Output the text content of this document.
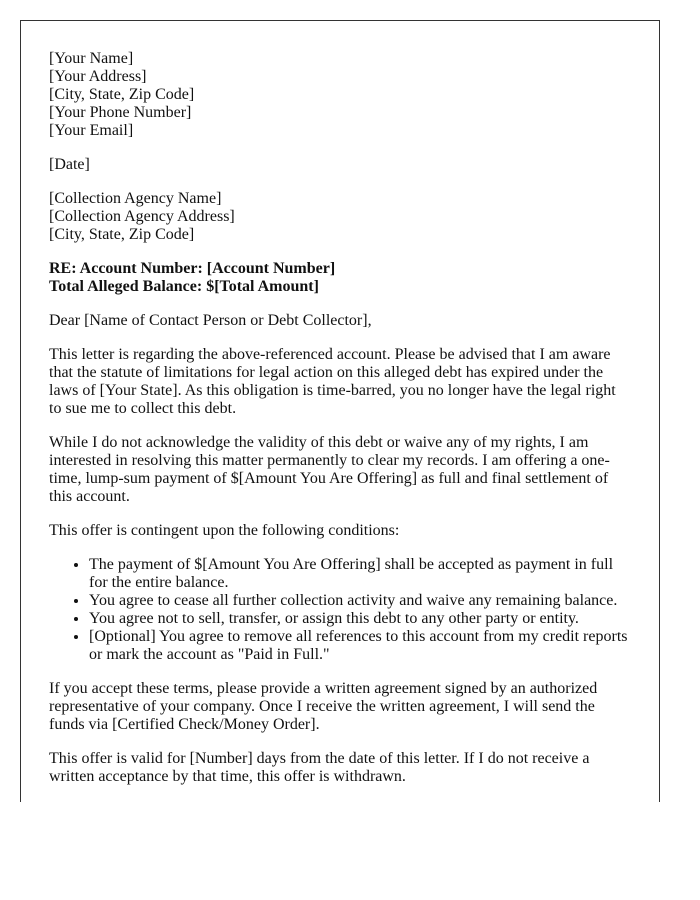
[Your Name]
[Your Address]
[City, State, Zip Code]
[Your Phone Number]
[Your Email]
[Date]
[Collection Agency Name]
[Collection Agency Address]
[City, State, Zip Code]
RE: Account Number: [Account Number]
Total Alleged Balance: $[Total Amount]

Dear [Name of Contact Person or Debt Collector],

This letter is regarding the above-referenced account. Please be advised that I am aware that the statute of limitations for legal action on this alleged debt has expired under the laws of [Your State]. As this obligation is time-barred, you no longer have the legal right to sue me to collect this debt.

While I do not acknowledge the validity of this debt or waive any of my rights, I am interested in resolving this matter permanently to clear my records. I am offering a one-time, lump-sum payment of $[Amount You Are Offering] as full and final settlement of this account.

This offer is contingent upon the following conditions:

• The payment of $[Amount You Are Offering] shall be accepted as payment in full for the entire balance.
• You agree to cease all further collection activity and waive any remaining balance.
• You agree not to sell, transfer, or assign this debt to any other party or entity.
• [Optional] You agree to remove all references to this account from my credit reports or mark the account as "Paid in Full."

If you accept these terms, please provide a written agreement signed by an authorized representative of your company. Once I receive the written agreement, I will send the funds via [Certified Check/Money Order].

This offer is valid for [Number] days from the date of this letter. If I do not receive a written acceptance by that time, this offer is withdrawn.
